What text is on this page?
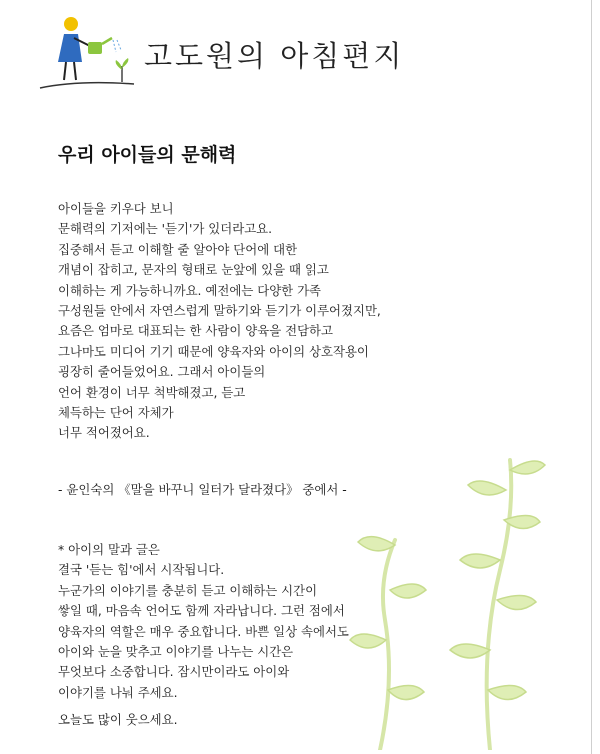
고도원의 아침편지
우리 아이들의 문해력
아이들을 키우다 보니
문해력의 기저에는 '듣기'가 있더라고요.
집중해서 듣고 이해할 줄 알아야 단어에 대한
개념이 잡히고, 문자의 형태로 눈앞에 있을 때 읽고
이해하는 게 가능하니까요. 예전에는 다양한 가족
구성원들 안에서 자연스럽게 말하기와 듣기가 이루어졌지만,
요즘은 엄마로 대표되는 한 사람이 양육을 전담하고
그나마도 미디어 기기 때문에 양육자와 아이의 상호작용이
굉장히 줄어들었어요. 그래서 아이들의
언어 환경이 너무 척박해졌고, 듣고
체득하는 단어 자체가
너무 적어졌어요.
- 윤인숙의 《말을 바꾸니 일터가 달라졌다》 중에서 -
* 아이의 말과 글은
결국 '듣는 힘'에서 시작됩니다.
누군가의 이야기를 충분히 듣고 이해하는 시간이
쌓일 때, 마음속 언어도 함께 자라납니다. 그런 점에서
양육자의 역할은 매우 중요합니다. 바쁜 일상 속에서도
아이와 눈을 맞추고 이야기를 나누는 시간은
무엇보다 소중합니다. 잠시만이라도 아이와
이야기를 나눠 주세요.
오늘도 많이 웃으세요.
